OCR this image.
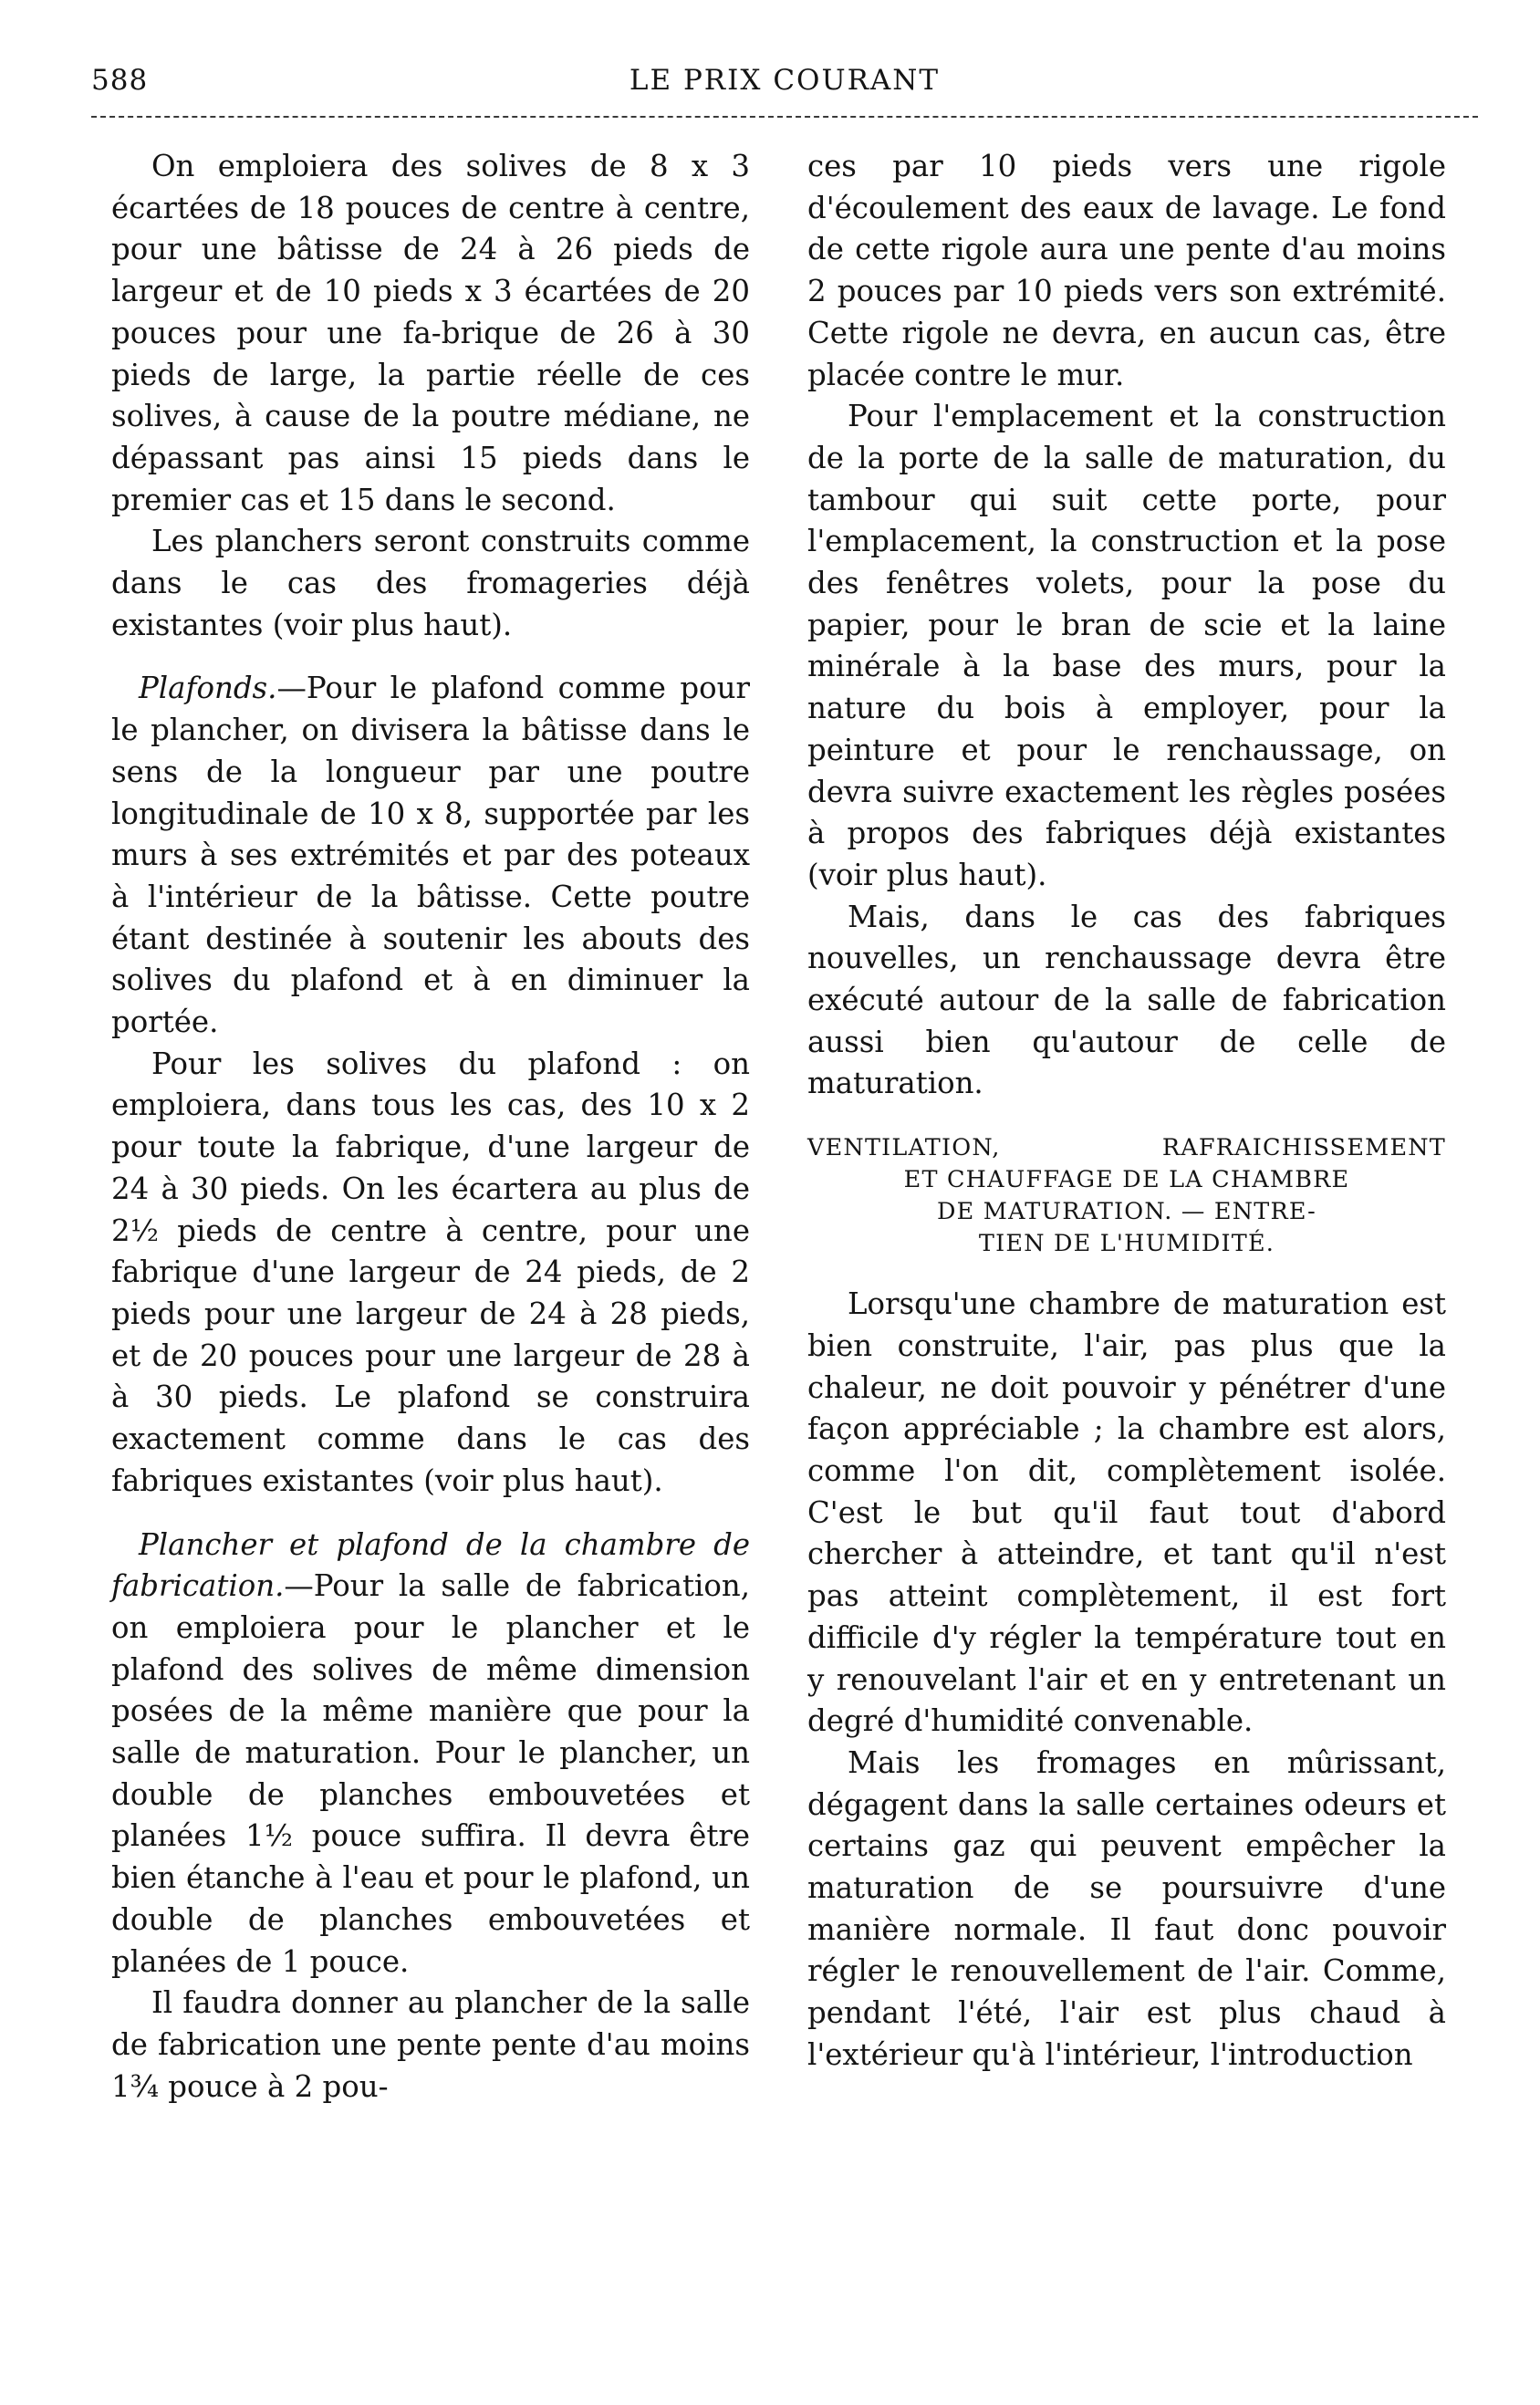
588	LE PRIX COURANT

On emploiera des solives de 8 x 3 écartées de 18 pouces de centre à centre, pour une bâtisse de 24 à 26 pieds de largeur et de 10 pieds x 3 écartées de 20 pouces pour une fa-brique de 26 à 30 pieds de large, la partie réelle de ces solives, à cause de la poutre médiane, ne dépassant pas ainsi 15 pieds dans le premier cas et 15 dans le second.

Les planchers seront construits comme dans le cas des fromageries déjà existantes (voir plus haut).

Plafonds.—Pour le plafond comme pour le plancher, on divisera la bâtisse dans le sens de la longueur par une poutre longitudinale de 10 x 8, supportée par les murs à ses extrémités et par des poteaux à l'intérieur de la bâtisse. Cette poutre étant destinée à soutenir les abouts des solives du plafond et à en diminuer la portée.

Pour les solives du plafond : on emploiera, dans tous les cas, des 10 x 2 pour toute la fabrique, d'une largeur de 24 à 30 pieds. On les écartera au plus de 2½ pieds de centre à centre, pour une fabrique d'une largeur de 24 pieds, de 2 pieds pour une largeur de 24 à 28 pieds, et de 20 pouces pour une largeur de 28 à à 30 pieds. Le plafond se construira exactement comme dans le cas des fabriques existantes (voir plus haut).

Plancher et plafond de la chambre de fabrication.—Pour la salle de fabrication, on emploiera pour le plancher et le plafond des solives de même dimension posées de la même manière que pour la salle de maturation. Pour le plancher, un double de planches embouvetées et planées 1½ pouce suffira. Il devra être bien étanche à l'eau et pour le plafond, un double de planches embouvetées et planées de 1 pouce.

Il faudra donner au plancher de la salle de fabrication une pente pente d'au moins 1¾ pouce à 2 pou-

ces par 10 pieds vers une rigole d'écoulement des eaux de lavage. Le fond de cette rigole aura une pente d'au moins 2 pouces par 10 pieds vers son extrémité. Cette rigole ne devra, en aucun cas, être placée contre le mur.

Pour l'emplacement et la construction de la porte de la salle de maturation, du tambour qui suit cette porte, pour l'emplacement, la construction et la pose des fenêtres volets, pour la pose du papier, pour le bran de scie et la laine minérale à la base des murs, pour la nature du bois à employer, pour la peinture et pour le renchaussage, on devra suivre exactement les règles posées à propos des fabriques déjà existantes (voir plus haut).

Mais, dans le cas des fabriques nouvelles, un renchaussage devra être exécuté autour de la salle de fabrication aussi bien qu'autour de celle de maturation.

VENTILATION, RAFRAICHISSEMENT
ET CHAUFFAGE DE LA CHAMBRE
DE MATURATION. — ENTRE-
TIEN DE L'HUMIDITÉ.

Lorsqu'une chambre de maturation est bien construite, l'air, pas plus que la chaleur, ne doit pouvoir y pénétrer d'une façon appréciable ; la chambre est alors, comme l'on dit, complètement isolée. C'est le but qu'il faut tout d'abord chercher à atteindre, et tant qu'il n'est pas atteint complètement, il est fort difficile d'y régler la température tout en y renouvelant l'air et en y entretenant un degré d'humidité convenable.

Mais les fromages en mûrissant, dégagent dans la salle certaines odeurs et certains gaz qui peuvent empêcher la maturation de se poursuivre d'une manière normale. Il faut donc pouvoir régler le renouvellement de l'air. Comme, pendant l'été, l'air est plus chaud à l'extérieur qu'à l'intérieur, l'introduction
